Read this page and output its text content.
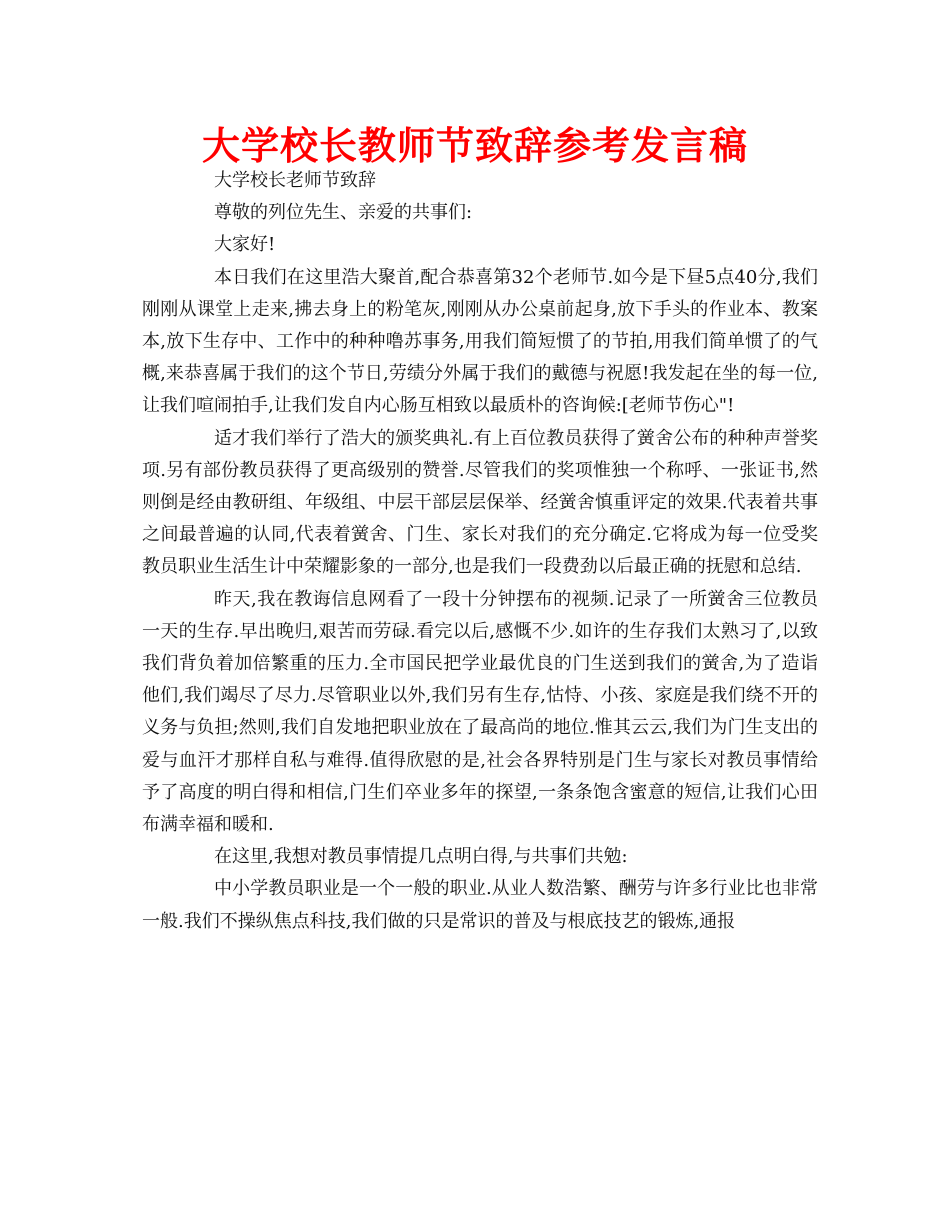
大学校长教师节致辞参考发言稿

大学校长老师节致辞

尊敬的列位先生、亲爱的共事们:

大家好!

本日我们在这里浩大聚首,配合恭喜第32个老师节.如今是下昼5点40分,我们刚刚从课堂上走来,拂去身上的粉笔灰,刚刚从办公桌前起身,放下手头的作业本、教案本,放下生存中、工作中的种种噜苏事务,用我们简短惯了的节拍,用我们简单惯了的气概,来恭喜属于我们的这个节日,劳绩分外属于我们的戴德与祝愿!我发起在坐的每一位,让我们喧闹拍手,让我们发自内心肠互相致以最质朴的咨询候:[老师节伤心"!

适才我们举行了浩大的颁奖典礼.有上百位教员获得了黉舍公布的种种声誉奖项.另有部份教员获得了更高级别的赞誉.尽管我们的奖项惟独一个称呼、一张证书,然则倒是经由教研组、年级组、中层干部层层保举、经黉舍慎重评定的效果.代表着共事之间最普遍的认同,代表着黉舍、门生、家长对我们的充分确定.它将成为每一位受奖教员职业生活生计中荣耀影象的一部分,也是我们一段费劲以后最正确的抚慰和总结.

昨天,我在教诲信息网看了一段十分钟摆布的视频.记录了一所黉舍三位教员一天的生存.早出晚归,艰苦而劳碌.看完以后,感慨不少.如许的生存我们太熟习了,以致我们背负着加倍繁重的压力.全市国民把学业最优良的门生送到我们的黉舍,为了造诣他们,我们竭尽了尽力.尽管职业以外,我们另有生存,怙恃、小孩、家庭是我们绕不开的义务与负担;然则,我们自发地把职业放在了最高尚的地位.惟其云云,我们为门生支出的爱与血汗才那样自私与难得.值得欣慰的是,社会各界特别是门生与家长对教员事情给予了高度的明白得和相信,门生们卒业多年的探望,一条条饱含蜜意的短信,让我们心田布满幸福和暖和.

在这里,我想对教员事情提几点明白得,与共事们共勉:

中小学教员职业是一个一般的职业.从业人数浩繁、酬劳与许多行业比也非常一般.我们不操纵焦点科技,我们做的只是常识的普及与根底技艺的锻炼,通报
